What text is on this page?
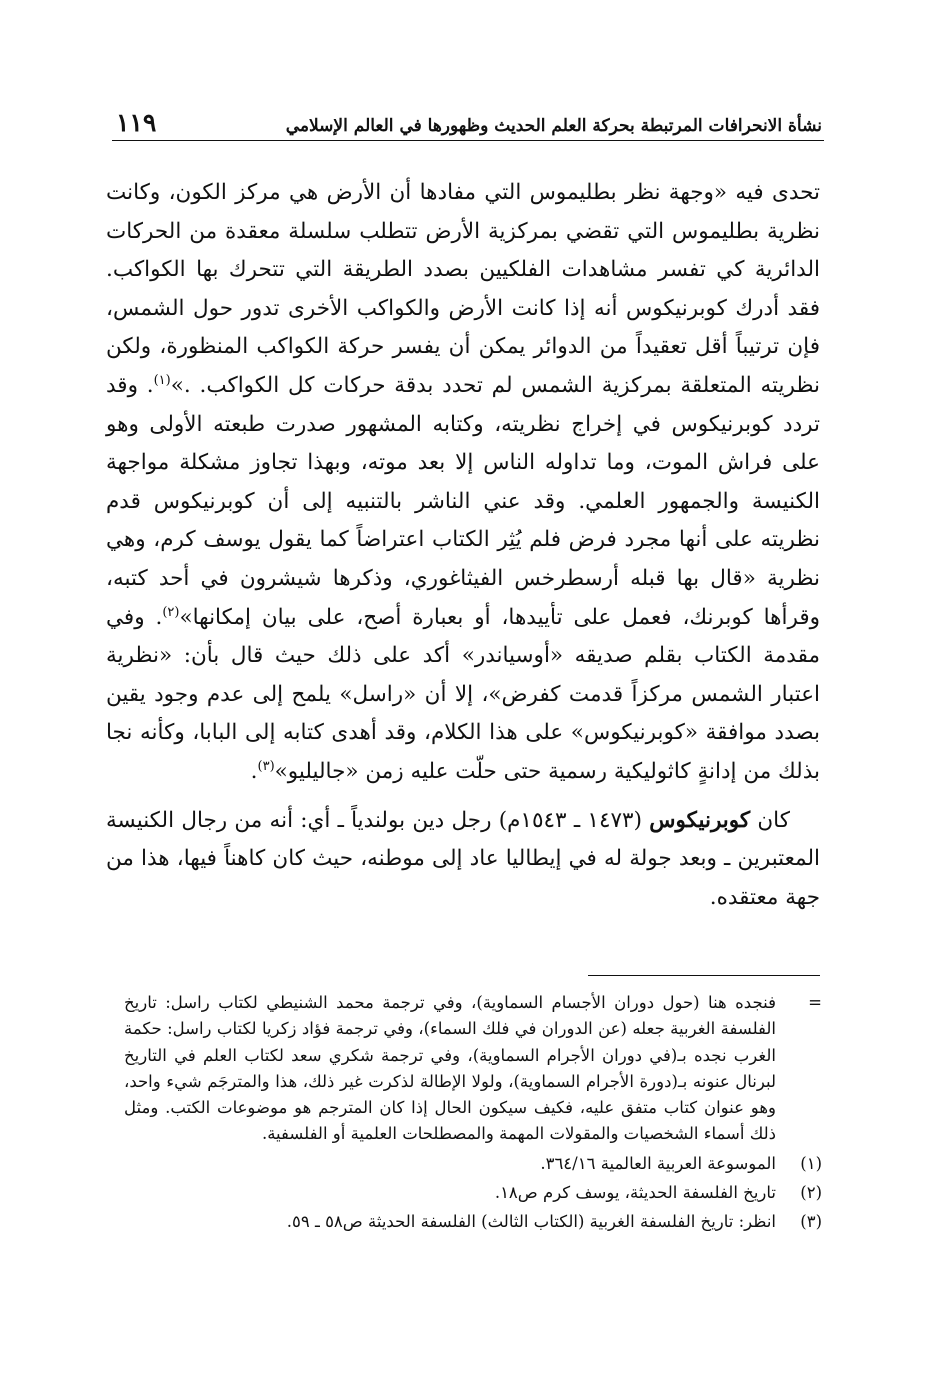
نشأة الانحرافات المرتبطة بحركة العلم الحديث وظهورها في العالم الإسلامي
١١٩

تحدى فيه «وجهة نظر بطليموس التي مفادها أن الأرض هي مركز الكون، وكانت نظرية بطليموس التي تقضي بمركزية الأرض تتطلب سلسلة معقدة من الحركات الدائرية كي تفسر مشاهدات الفلكيين بصدد الطريقة التي تتحرك بها الكواكب. فقد أدرك كوبرنيكوس أنه إذا كانت الأرض والكواكب الأخرى تدور حول الشمس، فإن ترتيباً أقل تعقيداً من الدوائر يمكن أن يفسر حركة الكواكب المنظورة، ولكن نظريته المتعلقة بمركزية الشمس لم تحدد بدقة حركات كل الكواكب. .»$^{(١)}$. وقد تردد كوبرنيكوس في إخراج نظريته، وكتابه المشهور صدرت طبعته الأولى وهو على فراش الموت، وما تداوله الناس إلا بعد موته، وبهذا تجاوز مشكلة مواجهة الكنيسة والجمهور العلمي. وقد عني الناشر بالتنبيه إلى أن كوبرنيكوس قدم نظريته على أنها مجرد فرض فلم يُثِر الكتاب اعتراضاً كما يقول يوسف كرم، وهي نظرية «قال بها قبله أرسطرخس الفيثاغوري، وذكرها شيشرون في أحد كتبه، وقرأها كوبرنك، فعمل على تأييدها، أو بعبارة أصح، على بيان إمكانها»$^{(٢)}$. وفي مقدمة الكتاب بقلم صديقه «أوسياندر» أكد على ذلك حيث قال بأن: «نظرية اعتبار الشمس مركزاً قدمت كفرض»، إلا أن «راسل» يلمح إلى عدم وجود يقين بصدد موافقة «كوبرنيكوس» على هذا الكلام، وقد أهدى كتابه إلى البابا، وكأنه نجا بذلك من إدانةٍ كاثوليكية رسمية حتى حلّت عليه زمن «جاليليو»$^{(٣)}$.

كان كوبرنيكوس (١٤٧٣ ـ ١٥٤٣م) رجل دين بولندياً ـ أي: أنه من رجال الكنيسة المعتبرين ـ وبعد جولة له في إيطاليا عاد إلى موطنه، حيث كان كاهناً فيها، هذا من جهة معتقده.

=
فنجده هنا (حول دوران الأجسام السماوية)، وفي ترجمة محمد الشنيطي لكتاب راسل: تاريخ الفلسفة الغربية جعله (عن الدوران في فلك السماء)، وفي ترجمة فؤاد زكريا لكتاب راسل: حكمة الغرب نجده بـ(في دوران الأجرام السماوية)، وفي ترجمة شكري سعد لكتاب العلم في التاريخ لبرنال عنونه بـ(دورة الأجرام السماوية)، ولولا الإطالة لذكرت غير ذلك، هذا والمترجَم شيء واحد، وهو عنوان كتاب متفق عليه، فكيف سيكون الحال إذا كان المترجم هو موضوعات الكتب. ومثل ذلك أسماء الشخصيات والمقولات المهمة والمصطلحات العلمية أو الفلسفية.
(١)
الموسوعة العربية العالمية ٣٦٤/١٦.
(٢)
تاريخ الفلسفة الحديثة، يوسف كرم ص١٨.
(٣)
انظر: تاريخ الفلسفة الغربية (الكتاب الثالث) الفلسفة الحديثة ص٥٨ ـ ٥٩.
